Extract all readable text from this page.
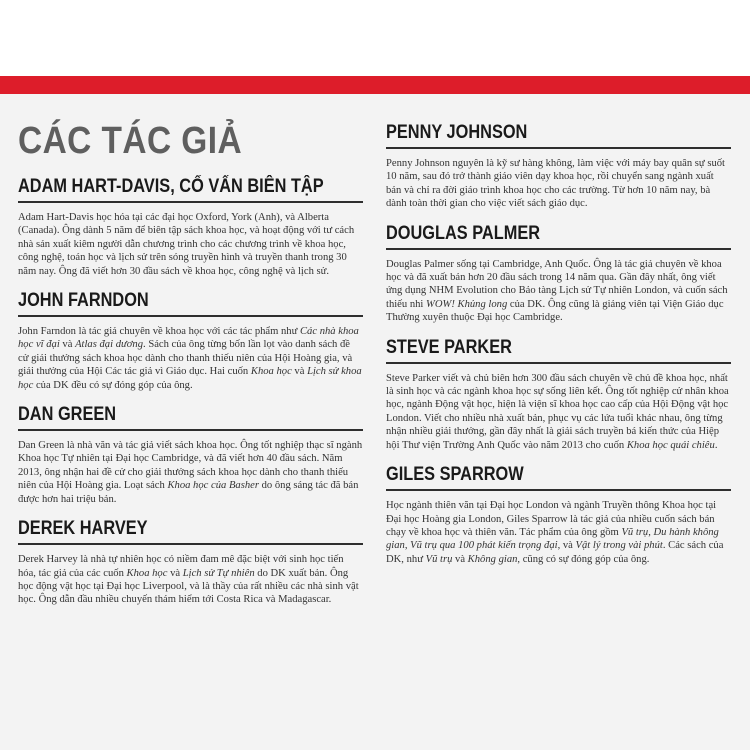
CÁC TÁC GIẢ
ADAM HART-DAVIS, CỐ VẤN BIÊN TẬP

Adam Hart-Davis học hóa tại các đại học Oxford, York (Anh), và Alberta (Canada). Ông dành 5 năm để biên tập sách khoa học, và hoạt động với tư cách nhà sản xuất kiêm người dẫn chương trình cho các chương trình về khoa học, công nghệ, toán học và lịch sử trên sóng truyền hình và truyền thanh trong 30 năm nay. Ông đã viết hơn 30 đầu sách về khoa học, công nghệ và lịch sử.

JOHN FARNDON

John Farndon là tác giả chuyên về khoa học với các tác phẩm như Các nhà khoa học vĩ đại và Atlas đại dương. Sách của ông từng bốn lần lọt vào danh sách đề cử giải thưởng sách khoa học dành cho thanh thiếu niên của Hội Hoàng gia, và giải thưởng của Hội Các tác giả vì Giáo dục. Hai cuốn Khoa học và Lịch sử khoa học của DK đều có sự đóng góp của ông.

DAN GREEN

Dan Green là nhà văn và tác giả viết sách khoa học. Ông tốt nghiệp thạc sĩ ngành Khoa học Tự nhiên tại Đại học Cambridge, và đã viết hơn 40 đầu sách. Năm 2013, ông nhận hai đề cử cho giải thưởng sách khoa học dành cho thanh thiếu niên của Hội Hoàng gia. Loạt sách Khoa học của Basher do ông sáng tác đã bán được hơn hai triệu bản.

DEREK HARVEY

Derek Harvey là nhà tự nhiên học có niềm đam mê đặc biệt với sinh học tiến hóa, tác giả của các cuốn Khoa học và Lịch sử Tự nhiên do DK xuất bản. Ông học động vật học tại Đại học Liverpool, và là thầy của rất nhiều các nhà sinh vật học. Ông dẫn đầu nhiều chuyến thám hiểm tới Costa Rica và Madagascar.

PENNY JOHNSON

Penny Johnson nguyên là kỹ sư hàng không, làm việc với máy bay quân sự suốt 10 năm, sau đó trở thành giáo viên dạy khoa học, rồi chuyển sang ngành xuất bản và chỉ ra đời giáo trình khoa học cho các trường. Từ hơn 10 năm nay, bà dành toàn thời gian cho việc viết sách giáo dục.

DOUGLAS PALMER

Douglas Palmer sống tại Cambridge, Anh Quốc. Ông là tác giả chuyên về khoa học và đã xuất bản hơn 20 đầu sách trong 14 năm qua. Gần đây nhất, ông viết ứng dụng NHM Evolution cho Bảo tàng Lịch sử Tự nhiên London, và cuốn sách thiếu nhi WOW! Khủng long của DK. Ông cũng là giảng viên tại Viện Giáo dục Thường xuyên thuộc Đại học Cambridge.

STEVE PARKER

Steve Parker viết và chủ biên hơn 300 đầu sách chuyên về chủ đề khoa học, nhất là sinh học và các ngành khoa học sự sống liên kết. Ông tốt nghiệp cử nhân khoa học, ngành Động vật học, hiện là viện sĩ khoa học cao cấp của Hội Động vật học London. Viết cho nhiều nhà xuất bản, phục vụ các lứa tuổi khác nhau, ông từng nhận nhiều giải thưởng, gần đây nhất là giải sách truyền bá kiến thức của Hiệp hội Thư viện Trường Anh Quốc vào năm 2013 cho cuốn Khoa học quái chiêu.

GILES SPARROW

Học ngành thiên văn tại Đại học London và ngành Truyền thông Khoa học tại Đại học Hoàng gia London, Giles Sparrow là tác giả của nhiều cuốn sách bán chạy về khoa học và thiên văn. Tác phẩm của ông gồm Vũ trụ, Du hành không gian, Vũ trụ qua 100 phát kiến trọng đại, và Vật lý trong vài phút. Các sách của DK, như Vũ trụ và Không gian, cũng có sự đóng góp của ông.
